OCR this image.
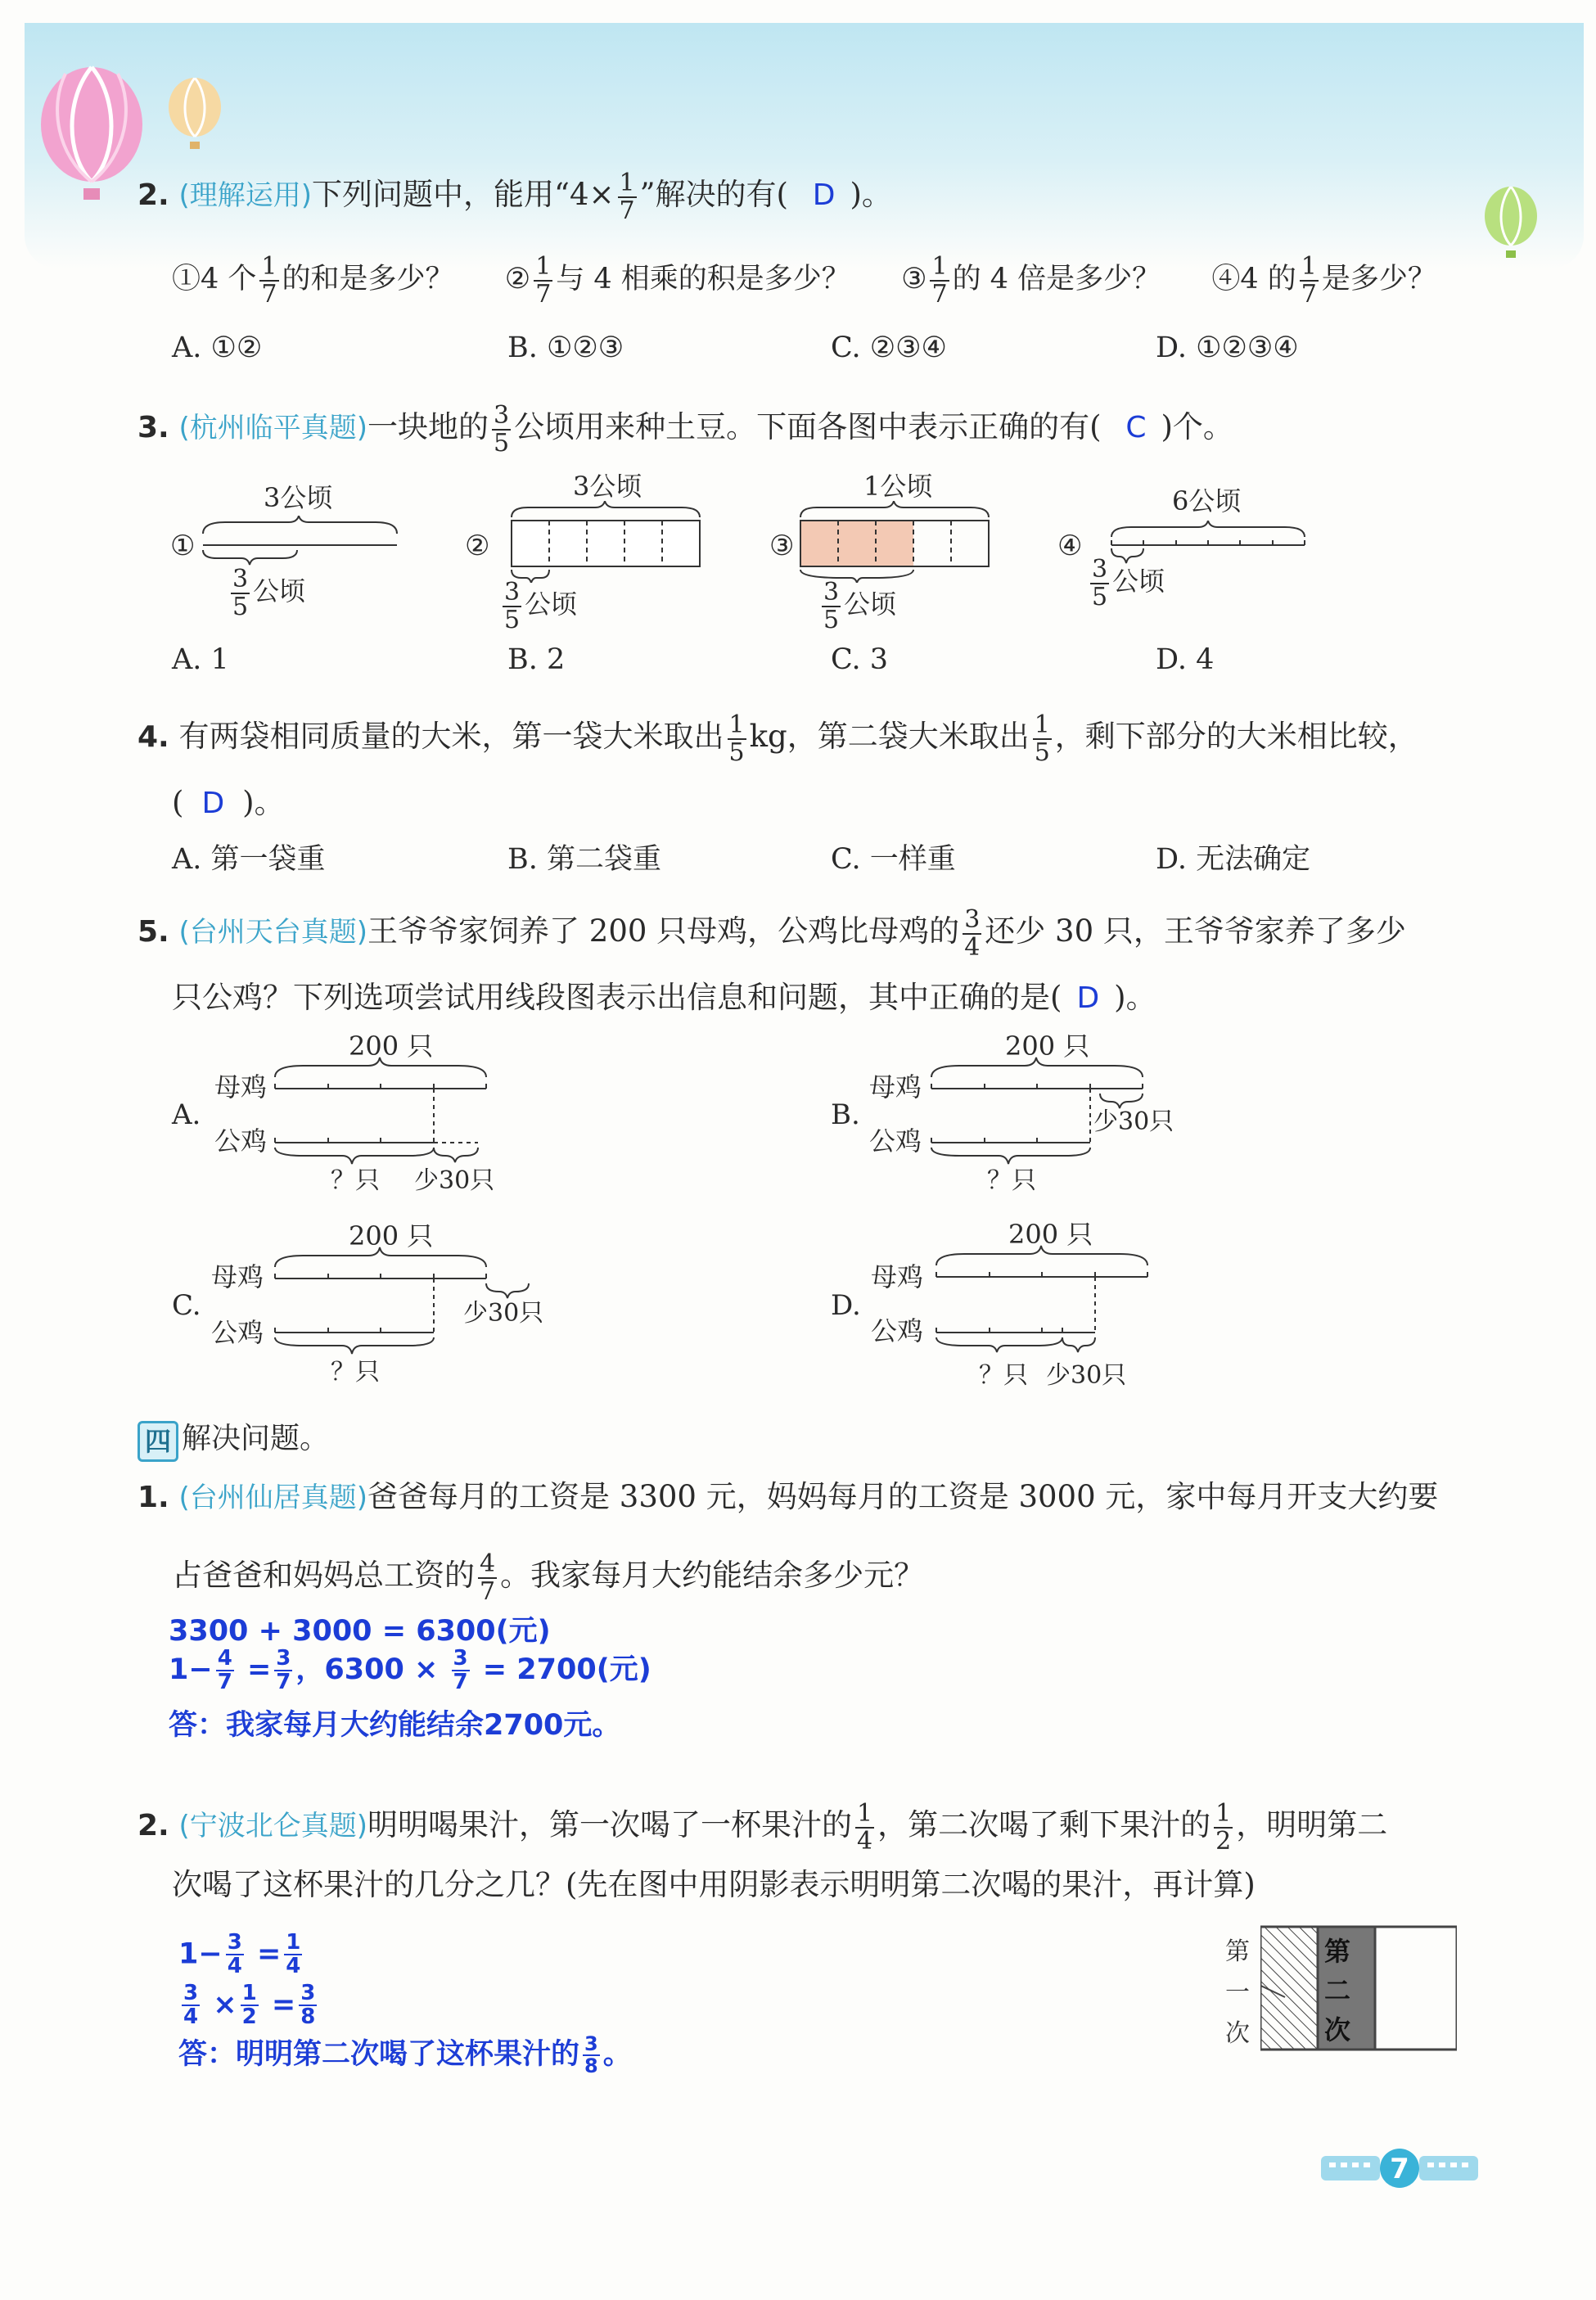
2. (理解运用)下列问题中，能用“$4\times \frac{1}{7}$ ”解决的有( D )。
①4 个 $\frac{1}{7}$ 的和是多少？ ② $\frac{1}{7}$ 与 4 相乘的积是多少？ ③ $\frac{1}{7}$ 的 4 倍是多少？ ④4 的 $\frac{1}{7}$ 是多少？
A. ①②	B. ①②③	C. ②③④	D. ①②③④
3. (杭州临平真题)一块地的 $\frac{3}{5}$ 公顷用来种土豆。下面各图中表示正确的有( C )个。
①
3公顷
$\frac{3}{5}$ 公顷
②
3公顷
$\frac{3}{5}$ 公顷
③
1公顷
$\frac{3}{5}$ 公顷
④
6公顷
$\frac{3}{5}$ 公顷
A. 1	B. 2	C. 3	D. 4
4. 有两袋相同质量的大米，第一袋大米取出 $\frac{1}{5}$ kg，第二袋大米取出 $\frac{1}{5}$ ，剩下部分的大米相比较，
( D )。
A. 第一袋重	B. 第二袋重	C. 一样重	D. 无法确定
5. (台州天台真题)王爷爷家饲养了 200 只母鸡，公鸡比母鸡的 $\frac{3}{4}$ 还少 30 只，王爷爷家养了多少
只公鸡？下列选项尝试用线段图表示出信息和问题，其中正确的是( D )。
A.
200 只
母鸡
公鸡
？只 少30只
B.
200 只
母鸡
公鸡
少30只
？只
C.
200 只
母鸡
公鸡
少30只
？只
D.
200 只
母鸡
公鸡
？只 少30只
四 解决问题。
1. (台州仙居真题)爸爸每月的工资是 3300 元，妈妈每月的工资是 3000 元，家中每月开支大约要
占爸爸和妈妈总工资的 $\frac{4}{7}$ 。我家每月大约能结余多少元？
3300 + 3000 = 6300(元)
$1- \frac{4}{7} = \frac{3}{7}$ ，$6300 \times \frac{3}{7} = 2700$(元)
答：我家每月大约能结余2700元。
2. (宁波北仑真题)明明喝果汁，第一次喝了一杯果汁的 $\frac{1}{4}$ ，第二次喝了剩下果汁的 $\frac{1}{2}$ ，明明第二
次喝了这杯果汁的几分之几？(先在图中用阴影表示明明第二次喝的果汁，再计算)
$1- \frac{3}{4} = \frac{1}{4}$
$\frac{3}{4} \times \frac{1}{2} = \frac{3}{8}$
答：明明第二次喝了这杯果汁的 $\frac{3}{8}$ 。
第
一
次
第
二
次
7
